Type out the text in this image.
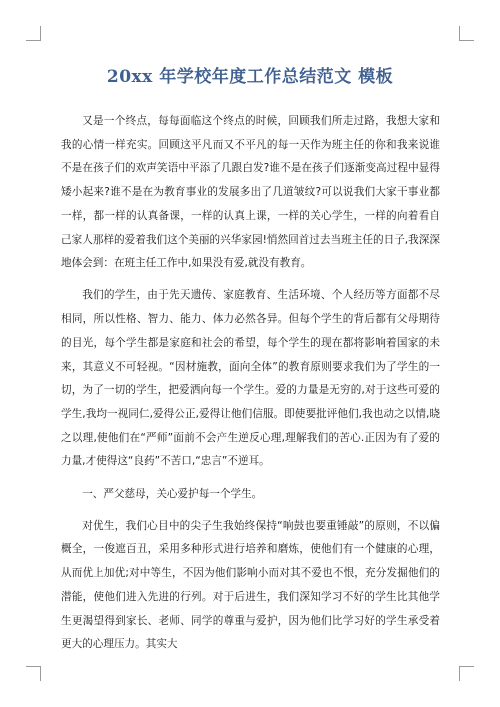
20xx 年学校年度工作总结范文 模板

又是一个终点，每每面临这个终点的时候，回顾我们所走过路，我想大家和我的心情一样充实。回顾这平凡而又不平凡的每一天作为班主任的你和我来说谁不是在孩子们的欢声笑语中平添了几跟白发?谁不是在孩子们逐渐变高过程中显得矮小起来?谁不是在为教育事业的发展多出了几道皱纹?可以说我们大家干事业都一样，都一样的认真备课，一样的认真上课，一样的关心学生，一样的向着看自己家人那样的爱着我们这个美丽的兴华家园!悄然回首过去当班主任的日子,我深深地体会到：在班主任工作中,如果没有爱,就没有教育。

我们的学生，由于先天遗传、家庭教育、生活环境、个人经历等方面都不尽相同，所以性格、智力、能力、体力必然各异。但每个学生的背后都有父母期待的目光，每个学生都是家庭和社会的希望，每个学生的现在都将影响着国家的未来，其意义不可轻视。“因材施教，面向全体”的教育原则要求我们为了学生的一切，为了一切的学生，把爱洒向每一个学生。爱的力量是无穷的,对于这些可爱的学生,我均一视同仁,爱得公正,爱得让他们信服。即使要批评他们,我也动之以情,晓之以理,使他们在“严师”面前不会产生逆反心理,理解我们的苦心.正因为有了爱的力量,才使得这“良药”不苦口,“忠言”不逆耳。

一、严父慈母，关心爱护每一个学生。

对优生，我们心目中的尖子生我始终保持“响鼓也要重锤敲”的原则，不以偏概全，一俊遮百丑，采用多种形式进行培养和磨炼，使他们有一个健康的心理，从而优上加优;对中等生，不因为他们影响小而对其不爱也不恨，充分发掘他们的潜能，使他们进入先进的行列。对于后进生，我们深知学习不好的学生比其他学生更渴望得到家长、老师、同学的尊重与爱护，因为他们比学习好的学生承受着更大的心理压力。其实大
